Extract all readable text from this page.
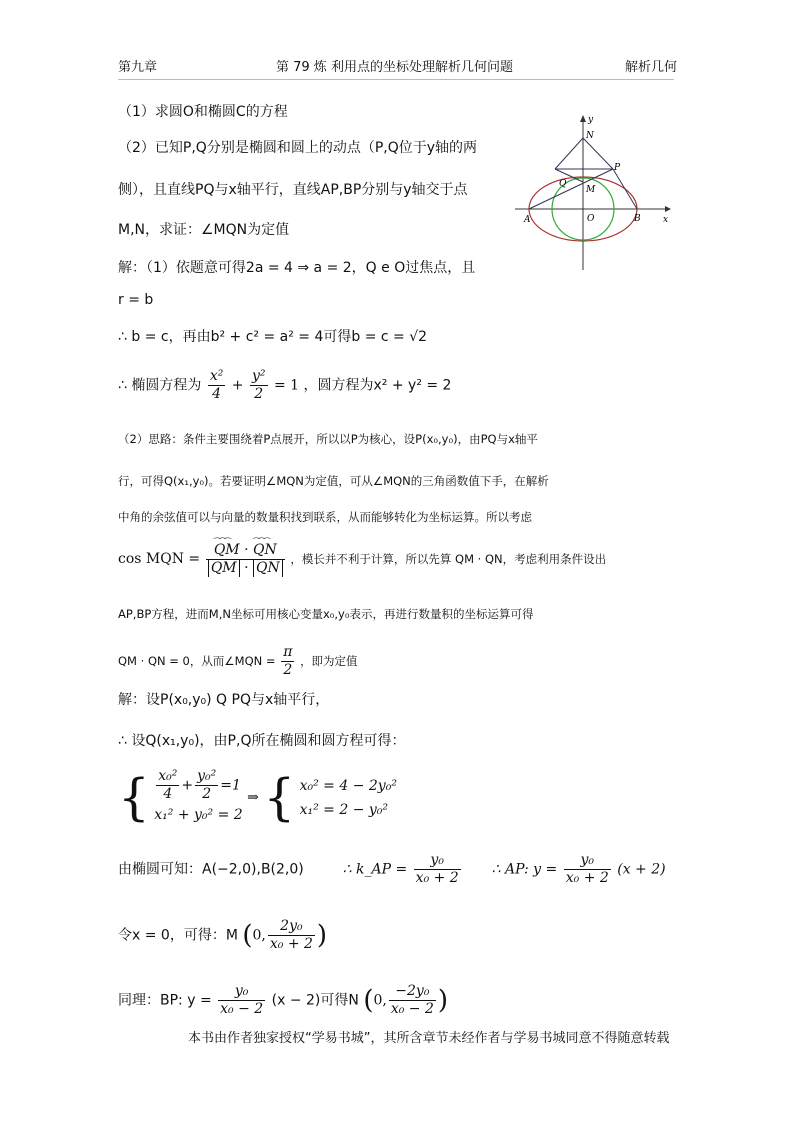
第九章	第 79 炼 利用点的坐标处理解析几何问题	解析几何
（1）求圆O和椭圆C的方程
（2）已知P,Q分别是椭圆和圆上的动点（P,Q位于y轴的两
侧），且直线PQ与x轴平行，直线AP,BP分别与y轴交于点
M,N，求证：∠MQN为定值
解：（1）依题意可得2a = 4 ⇒ a = 2，Q e O过焦点，且
r = b
∴ b = c，再由b² + c² = a² = 4可得b = c = √2
∴ 椭圆方程为 $\frac{\text{x²}}{4} + \frac{\text{y²}}{2} = 1$ ，圆方程为x² + y² = 2
（2）思路：条件主要围绕着P点展开，所以以P为核心，设P(x₀,y₀)，由PQ与x轴平
行，可得Q(x₁,y₀)。若要证明∠MQN为定值，可从∠MQN的三角函数值下手，在解析
中角的余弦值可以与向量的数量积找到联系，从而能够转化为坐标运算。所以考虑
cos MQN =
⁀⁀⁀ $\frac{QM \cdot ⁀⁀⁀ QN}{QM \cdot QN}$ ，模长并不利于计算，所以先算 QM · QN，考虑利用条件设出
AP,BP方程，进而M,N坐标可用核心变量x₀,y₀表示，再进行数量积的坐标运算可得
QM · QN = 0，从而∠MQN = $\frac{\pi}{2}$ ，即为定值
解：设P(x₀,y₀) Q PQ与x轴平行，
∴ 设Q(x₁,y₀)，由P,Q所在椭圆和圆方程可得：
{ $\frac{\text{x₀²}}{4} + \frac{\text{y₀²}}{2} =1$
x₁² + y₀² = 2
⇒ { x₀² = 4 − 2y₀²
x₁² = 2 − y₀²
由椭圆可知：A(−2,0),B(2,0)	∴ k_AP = $\frac{\text{y₀}}{\text{x₀ + 2}}$ ∴ AP: $y = \frac{\text{y₀}}{\text{x₀ + 2}} (x + 2)$
令x = 0，可得：M (0, $\frac{\text{2y₀}}{\text{x₀ + 2}}$ )
同理：BP: $y = \frac{\text{y₀}}{\text{x₀ − 2}} (x - 2)$可得N (0, $\frac{\text{−2y₀}}{\text{x₀ − 2}}$ )
本书由作者独家授权“学易书城”，其所含章节未经作者与学易书城同意不得随意转载
y
x
N
P
Q
M
O
A	B
